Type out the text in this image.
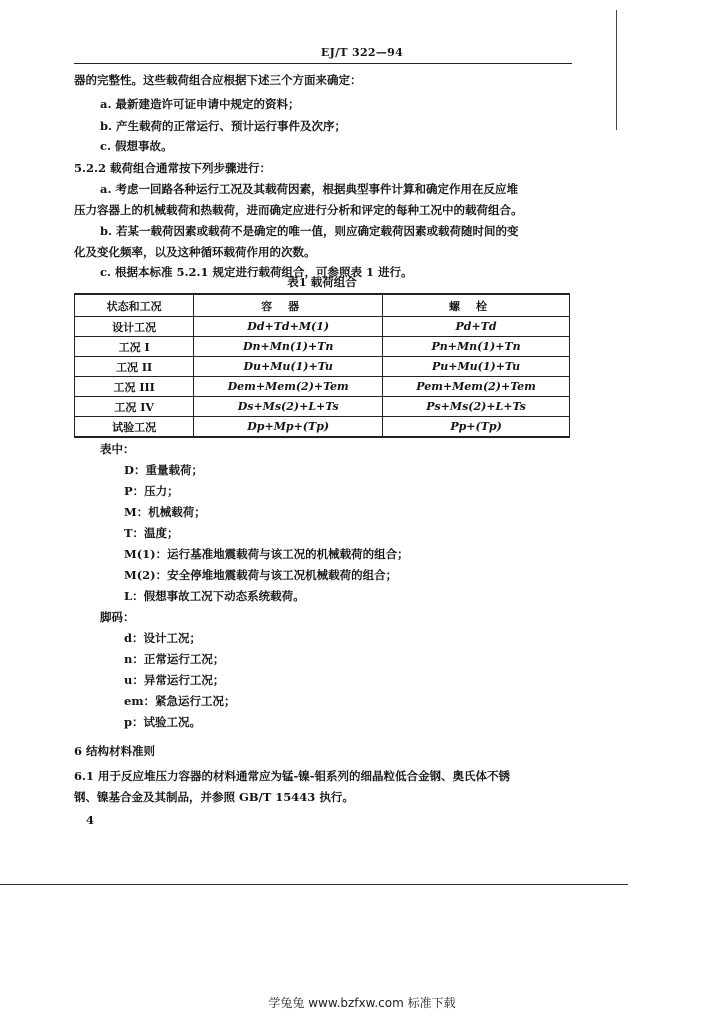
EJ/T 322—94
器的完整性。这些载荷组合应根据下述三个方面来确定：
a. 最新建造许可证申请中规定的资料；
b. 产生载荷的正常运行、预计运行事件及次序；
c. 假想事故。
5.2.2 载荷组合通常按下列步骤进行：
a. 考虑一回路各种运行工况及其载荷因素，根据典型事件计算和确定作用在反应堆
压力容器上的机械载荷和热载荷，进而确定应进行分析和评定的每种工况中的载荷组合。
b. 若某一载荷因素或载荷不是确定的唯一值，则应确定载荷因素或载荷随时间的变
化及变化频率，以及这种循环载荷作用的次数。
c. 根据本标准 5.2.1 规定进行载荷组合，可参照表 1 进行。
表1 载荷组合
状态和工况	容器	螺栓
设计工况	Dd+Td+M(1)	Pd+Td
工况 I	Dn+Mn(1)+Tn	Pn+Mn(1)+Tn
工况 II	Du+Mu(1)+Tu	Pu+Mu(1)+Tu
工况 III	Dem+Mem(2)+Tem	Pem+Mem(2)+Tem
工况 IV	Ds+Ms(2)+L+Ts	Ps+Ms(2)+L+Ts
试验工况	Dp+Mp+(Tp)	Pp+(Tp)
表中：
D：重量载荷；
P：压力；
M：机械载荷；
T：温度；
M(1)：运行基准地震载荷与该工况的机械载荷的组合；
M(2)：安全停堆地震载荷与该工况机械载荷的组合；
L：假想事故工况下动态系统载荷。
脚码：
d：设计工况；
n：正常运行工况；
u：异常运行工况；
em：紧急运行工况；
p：试验工况。
6 结构材料准则
6.1 用于反应堆压力容器的材料通常应为锰-镍-钼系列的细晶粒低合金钢、奥氏体不锈
钢、镍基合金及其制品，并参照 GB/T 15443 执行。
4
学兔兔 www.bzfxw.com 标准下载
